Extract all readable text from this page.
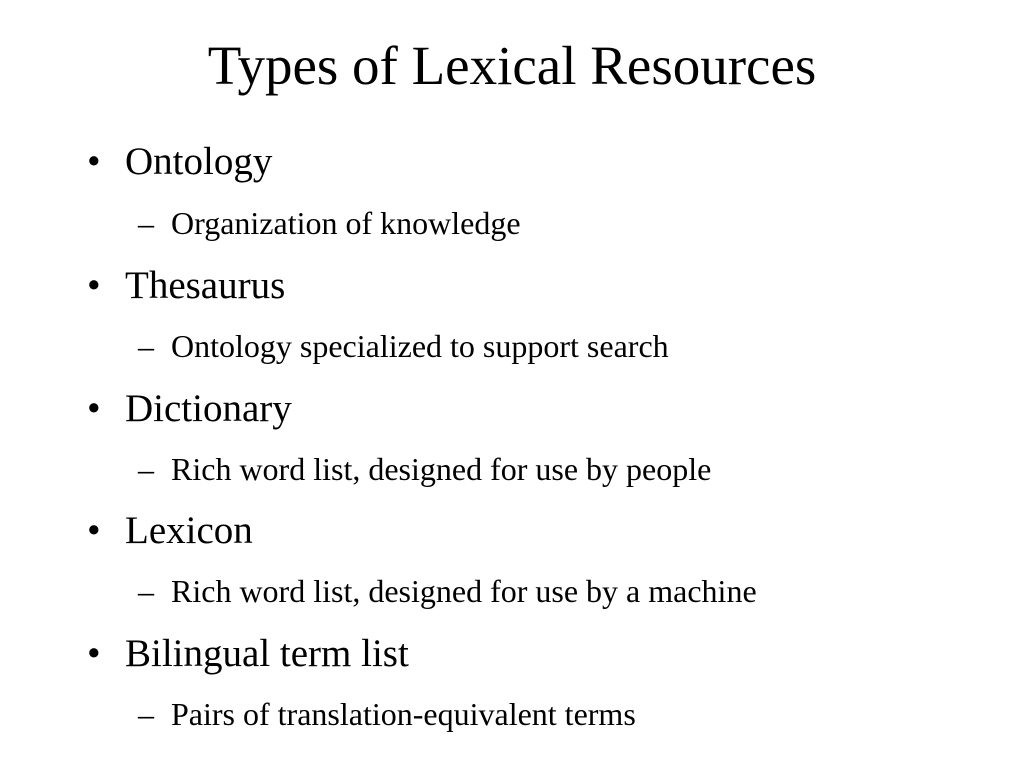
Types of Lexical Resources
• Ontology
– Organization of knowledge
• Thesaurus
– Ontology specialized to support search
• Dictionary
– Rich word list, designed for use by people
• Lexicon
– Rich word list, designed for use by a machine
• Bilingual term list
– Pairs of translation-equivalent terms
